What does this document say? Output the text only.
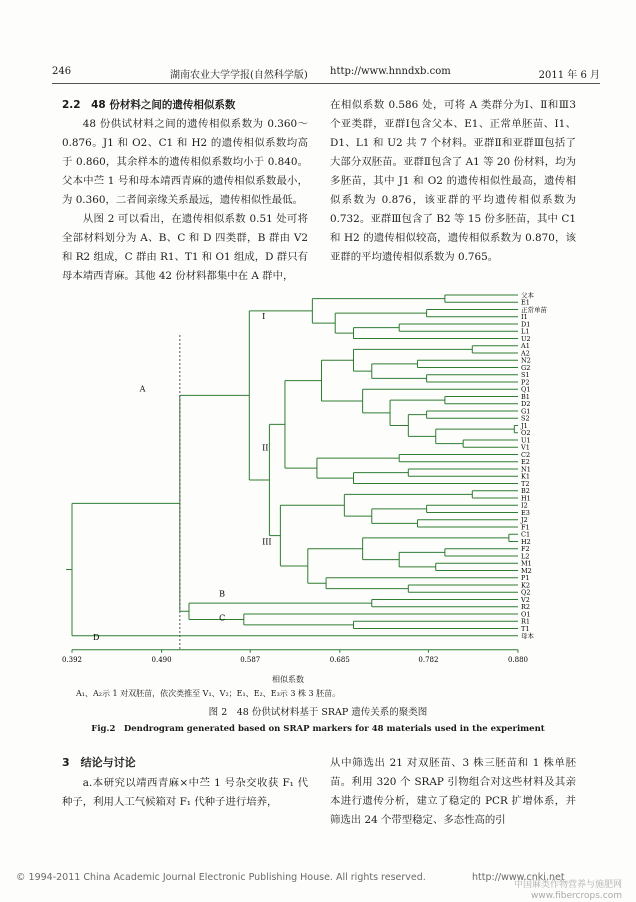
246	湖南农业大学学报(自然科学版) http://www.hnndxb.com	2011 年 6 月

2.2　48 份材料之间的遗传相似系数

48 份供试材料之间的遗传相似系数为 0.360～0.876。J1 和 O2、C1 和 H2 的遗传相似系数均高于 0.860，其余样本的遗传相似系数均小于 0.840。父本中苎 1 号和母本靖西青麻的遗传相似系数最小，为 0.360，二者间亲缘关系最远，遗传相似性最低。

从图 2 可以看出，在遗传相似系数 0.51 处可将全部材料划分为 A、B、C 和 D 四类群，B 群由 V2 和 R2 组成，C 群由 R1、T1 和 O1 组成，D 群只有母本靖西青麻。其他 42 份材料都集中在 A 群中，

在相似系数 0.586 处，可将 A 类群分为Ⅰ、Ⅱ和Ⅲ3 个亚类群，亚群Ⅰ包含父本、E1、正常单胚苗、I1、D1、L1 和 U2 共 7 个材料。亚群Ⅱ和亚群Ⅲ包括了大部分双胚苗。亚群Ⅱ包含了 A1 等 20 份材料，均为多胚苗，其中 J1 和 O2 的遗传相似性最高，遗传相似系数为 0.876，该亚群的平均遗传相似系数为 0.732。亚群Ⅲ包含了 B2 等 15 份多胚苗，其中 C1 和 H2 的遗传相似较高，遗传相似系数为 0.870，该亚群的平均遗传相似系数为 0.765。

父本
E1
正常单苗
I1
D1
L1
U2
A1
A2
N2
G2
S1
P2
Q1
B1
D2
G1
S2
J1
O2
U1
V1
C2
E2
N1
K1
T2
B2
H1
I2
E3
J2
F1
C1
H2
F2
L2
M1
M2
P1
K2
Q2
V2
R2
O1
R1
T1
母本
0.392	0.490	0.587	0.685	0.782	0.880
A
B
C
D
I
II
III
相似系数
A₁、A₂示 1 对双胚苗，依次类推至 V₁、V₂；E₁、E₂、E₃示 3 株 3 胚苗。
图 2　48 份供试材料基于 SRAP 遗传关系的聚类图
Fig.2　Dendrogram generated based on SRAP markers for 48 materials used in the experiment
3　结论与讨论

a.本研究以靖西青麻×中苎 1 号杂交收获 F₁ 代种子，利用人工气候箱对 F₁ 代种子进行培养，

从中筛选出 21 对双胚苗、3 株三胚苗和 1 株单胚苗。利用 320 个 SRAP 引物组合对这些材料及其亲本进行遗传分析，建立了稳定的 PCR 扩增体系，并筛选出 24 个带型稳定、多态性高的引

© 1994-2011 China Academic Journal Electronic Publishing House. All rights reserved.	http://www.cnki.net
中国麻类作物营养与施肥网
www.fibercrops.com
